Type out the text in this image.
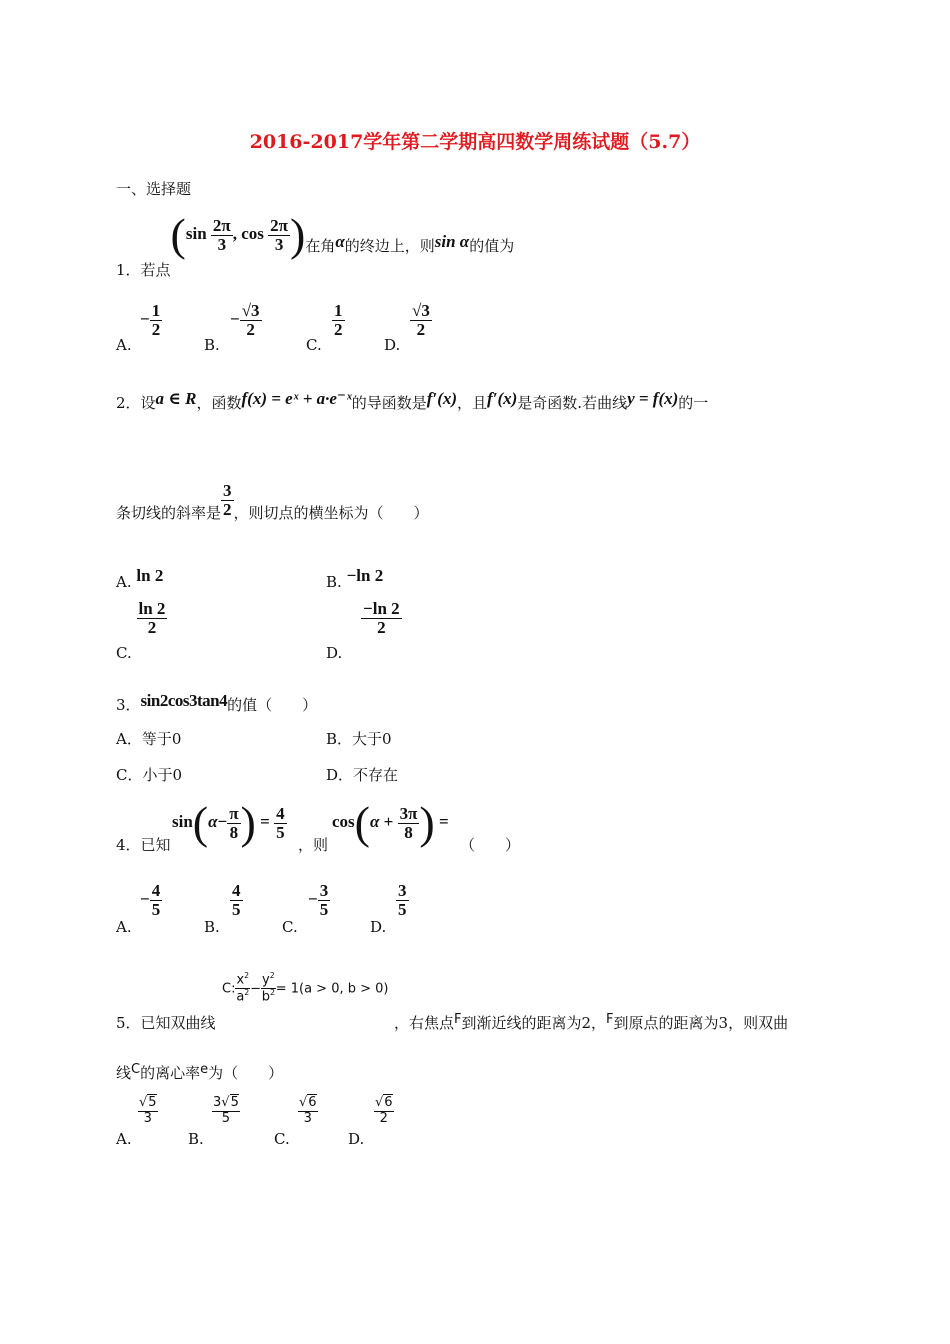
2016-2017学年第二学期高四数学周练试题（5.7）
一、选择题
1．若点($\sin \frac{2\pi}{3}$ , $\cos \frac{2\pi}{3}$ )在角α的终边上，则sin α的值为
A.
− $\frac{1}{2}$
B.
− $\frac{√3}{2}$
C.
$\frac{1}{2}$
D.
$\frac{√3}{2}$
2．设a ∈ R，函数f(x) = eˣ + a·e⁻ˣ的导函数是f′(x)，且f′(x)是奇函数.若曲线y = f(x)的一
条切线的斜率是 $\frac{3}{2}$ ，则切点的横坐标为（　　）
A. ln 2	B. −ln 2
C.
$\frac{\ln 2}{2}$
D.
$\frac{-\ln 2}{2}$
3．sin2cos3tan4的值（　　）
A．等于0	B．大于0
C．小于0	D．不存在
4．已知
$\sin(\alpha- \frac{\pi}{8}$ ) = $\frac{4}{5}$
，则
$\cos(\alpha + \frac{3\pi}{8}$ ) =
（　　）
A.
− $\frac{4}{5}$
B.
$\frac{4}{5}$
C.
− $\frac{3}{5}$
D.
$\frac{3}{5}$
5．已知双曲线
C: $\frac{x^2}{a^2} - \frac{y^2}{b^2} = 1(a > 0$, b > 0)
，右焦点F到渐近线的距离为2，F到原点的距离为3，则双曲
线C的离心率e为（　　）
A.
$\frac{√5}{3}$
B.
$\frac{3√5}{5}$
C.
$\frac{√6}{3}$
D.
$\frac{√6}{2}$
